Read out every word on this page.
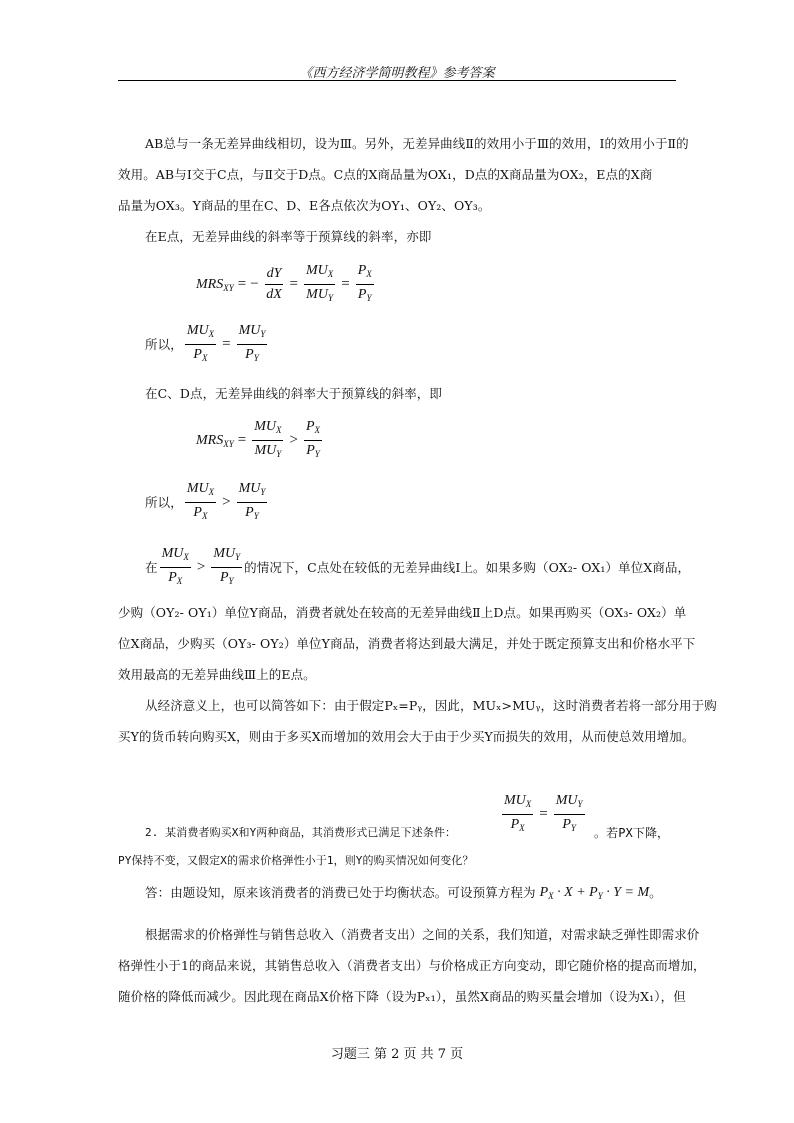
《西方经济学简明教程》参考答案
AB总与一条无差异曲线相切，设为Ⅲ。另外，无差异曲线Ⅱ的效用小于Ⅲ的效用，Ⅰ的效用小于Ⅱ的
效用。AB与Ⅰ交于C点，与Ⅱ交于D点。C点的X商品量为OX₁，D点的X商品量为OX₂，E点的X商
品量为OX₃。Y商品的里在C、D、E各点依次为OY₁、OY₂、OY₃。
在E点，无差异曲线的斜率等于预算线的斜率，亦即
$MRS_{XY}$ = − $\frac{dY}{dX} = \frac{MU_X}{MU_Y} = \frac{P_X}{P_Y}$
所以， $\frac{MU_X}{P_X} = \frac{MU_Y}{P_Y}$
在C、D点，无差异曲线的斜率大于预算线的斜率，即
$MRS_{XY} = \frac{MU_X}{MU_Y} > \frac{P_X}{P_Y}$
所以， $\frac{MU_X}{P_X} > \frac{MU_Y}{P_Y}$
在 $\frac{MU_X}{P_X} > \frac{MU_Y}{P_Y}$ 的情况下，C点处在较低的无差异曲线Ⅰ上。如果多购（OX₂- OX₁）单位X商品，
少购（OY₂- OY₁）单位Y商品，消费者就处在较高的无差异曲线Ⅱ上D点。如果再购买（OX₃- OX₂）单
位X商品，少购买（OY₃- OY₂）单位Y商品，消费者将达到最大满足，并处于既定预算支出和价格水平下
效用最高的无差异曲线Ⅲ上的E点。
从经济意义上，也可以简答如下：由于假定Pₓ=Pᵧ，因此，MUₓ>MUᵧ，这时消费者若将一部分用于购
买Y的货币转向购买X，则由于多买X而增加的效用会大于由于少买Y而损失的效用，从而使总效用增加。
$\frac{MU_X}{P_X} = \frac{MU_Y}{P_Y}$
2. 某消费者购买X和Y两种商品，其消费形式已满足下述条件：	。若PX下降，
PY保持不变，又假定X的需求价格弹性小于1，则Y的购买情况如何变化？
答：由题设知，原来该消费者的消费已处于均衡状态。可设预算方程为 $P_X \cdot X + P_Y \cdot Y = M$ 。
根据需求的价格弹性与销售总收入（消费者支出）之间的关系，我们知道，对需求缺乏弹性即需求价
格弹性小于1的商品来说，其销售总收入（消费者支出）与价格成正方向变动，即它随价格的提高而增加，
随价格的降低而减少。因此现在商品X价格下降（设为Pₓ₁），虽然X商品的购买量会增加（设为X₁），但
习题三 第 2 页 共 7 页
